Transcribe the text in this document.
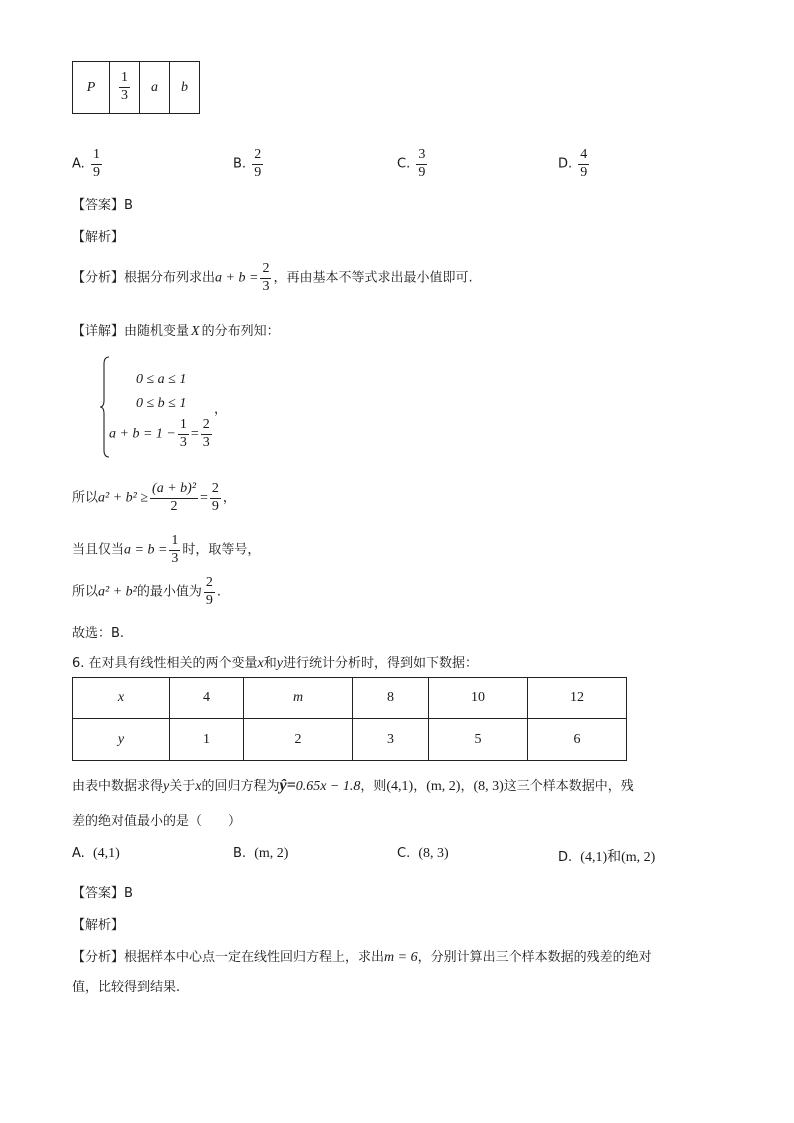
P	$\frac{1}{3}$	a	b
A. $\frac{1}{9}$	B. $\frac{2}{9}$	C. $\frac{3}{9}$	D. $\frac{4}{9}$
【答案】B
【解析】
【分析】根据分布列求出$a + b = \frac{2}{3}$ ，再由基本不等式求出最小值即可.
【详解】由随机变量 X 的分布列知：
0 ≤ a ≤ 1
0 ≤ b ≤ 1
$a + b = 1 - \frac{1}{3} = \frac{2}{3}$
，
所以$a^2 + b^2 \ge \frac{\text{(a + b)²}}{2} = \frac{2}{9}$ ，
当且仅当$a = b = \frac{1}{3}$ 时，取等号，
所以a² + b²的最小值为 $\frac{2}{9}$ .
故选：B.
6. 在对具有线性相关的两个变量x和y进行统计分析时，得到如下数据：
x	4	m	8	10	12
y	1	2	3	5	6
由表中数据求得y关于x的回归方程为ŷ=0.65x − 1.8，则(4,1)，(m, 2)，(8, 3)这三个样本数据中，残
差的绝对值最小的是（　　）
A. (4,1)	B. (m, 2)	C. (8, 3)	D. (4,1)和(m, 2)
【答案】B
【解析】
【分析】根据样本中心点一定在线性回归方程上，求出m = 6，分别计算出三个样本数据的残差的绝对
值，比较得到结果.
